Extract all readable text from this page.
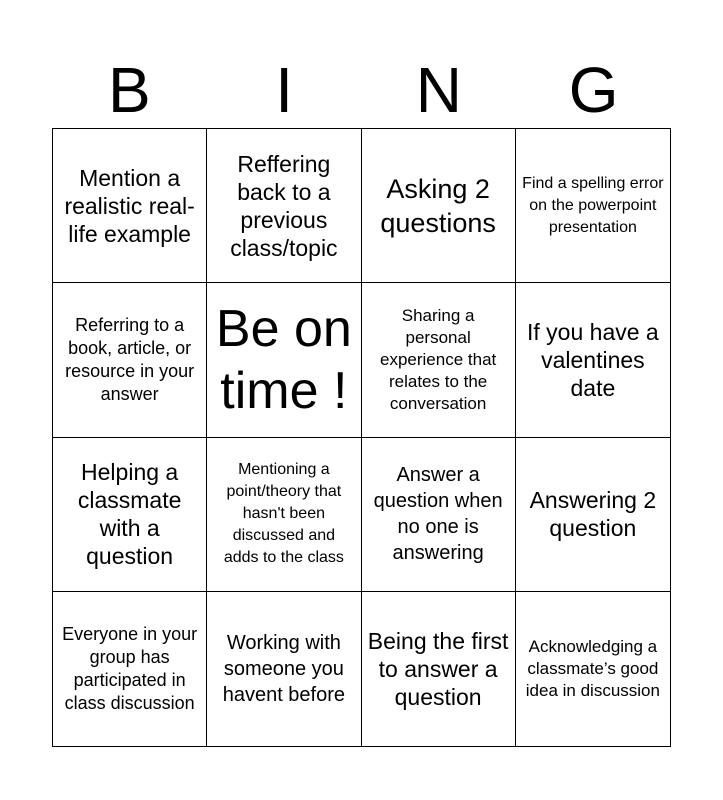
B	I	N	G
Mention a realistic real-life example
Reffering back to a previous class/topic
Asking 2 questions
Find a spelling error on the powerpoint presentation
Referring to a book, article, or resource in your answer
Be on time !
Sharing a personal experience that relates to the conversation
If you have a valentines date
Helping a classmate with a question
Mentioning a point/theory that hasn't been discussed and adds to the class
Answer a question when no one is answering
Answering 2 question
Everyone in your group has participated in class discussion
Working with someone you havent before
Being the first to answer a question
Acknowledging a classmate’s good idea in discussion
